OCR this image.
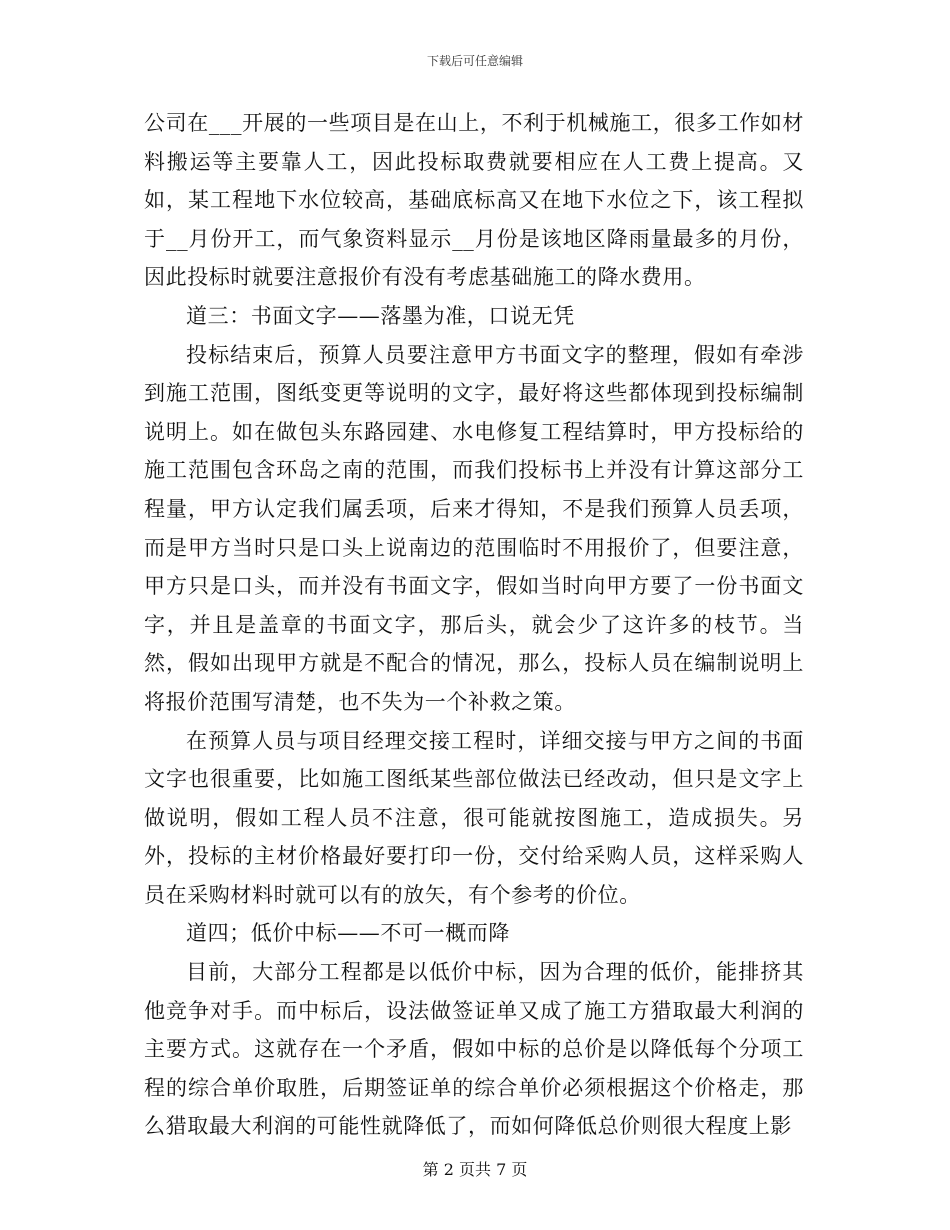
下载后可任意编辑

公司在___开展的一些项目是在山上，不利于机械施工，很多工作如材料搬运等主要靠人工，因此投标取费就要相应在人工费上提高。又如，某工程地下水位较高，基础底标高又在地下水位之下，该工程拟于__月份开工，而气象资料显示__月份是该地区降雨量最多的月份，因此投标时就要注意报价有没有考虑基础施工的降水费用。

道三：书面文字——落墨为准，口说无凭

投标结束后，预算人员要注意甲方书面文字的整理，假如有牵涉到施工范围，图纸变更等说明的文字，最好将这些都体现到投标编制说明上。如在做包头东路园建、水电修复工程结算时，甲方投标给的施工范围包含环岛之南的范围，而我们投标书上并没有计算这部分工程量，甲方认定我们属丢项，后来才得知，不是我们预算人员丢项，而是甲方当时只是口头上说南边的范围临时不用报价了，但要注意，甲方只是口头，而并没有书面文字，假如当时向甲方要了一份书面文字，并且是盖章的书面文字，那后头，就会少了这许多的枝节。当然，假如出现甲方就是不配合的情况，那么，投标人员在编制说明上将报价范围写清楚，也不失为一个补救之策。

在预算人员与项目经理交接工程时，详细交接与甲方之间的书面文字也很重要，比如施工图纸某些部位做法已经改动，但只是文字上做说明，假如工程人员不注意，很可能就按图施工，造成损失。另外，投标的主材价格最好要打印一份，交付给采购人员，这样采购人员在采购材料时就可以有的放矢，有个参考的价位。

道四；低价中标——不可一概而降

目前，大部分工程都是以低价中标，因为合理的低价，能排挤其他竞争对手。而中标后，设法做签证单又成了施工方猎取最大利润的主要方式。这就存在一个矛盾，假如中标的总价是以降低每个分项工程的综合单价取胜，后期签证单的综合单价必须根据这个价格走，那么猎取最大利润的可能性就降低了，而如何降低总价则很大程度上影

第 2 页共 7 页
